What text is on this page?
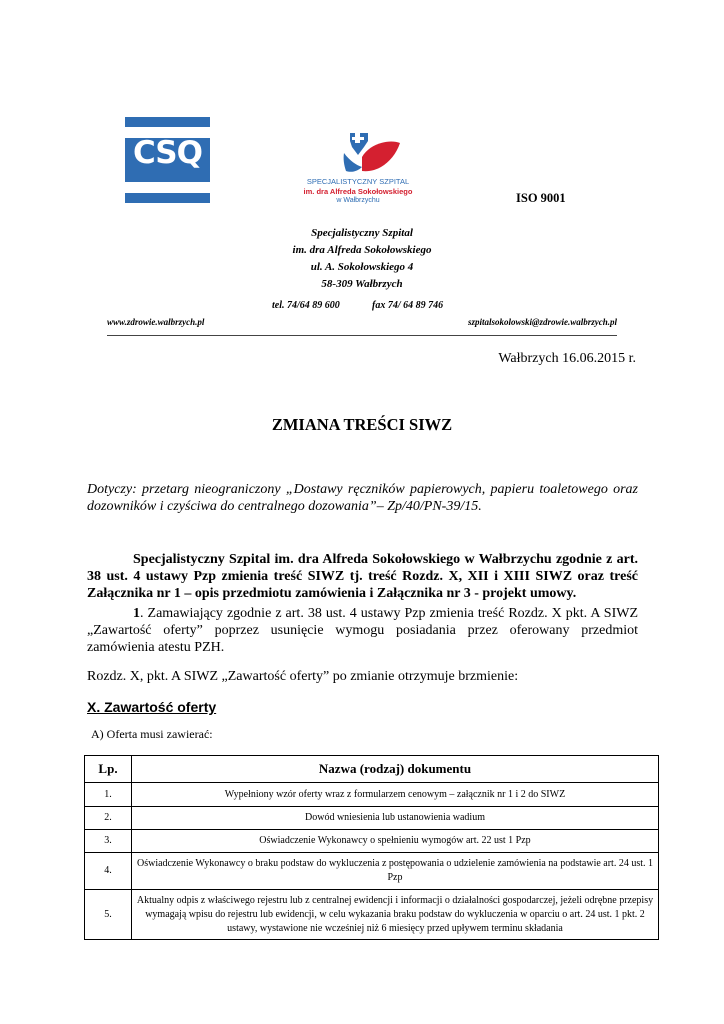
CSQ
SPECJALISTYCZNY SZPITAL
im. dra Alfreda Sokołowskiego
w Wałbrzychu	ISO 9001
Specjalistyczny Szpital
im. dra Alfreda Sokołowskiego
ul. A. Sokołowskiego 4
58-309 Wałbrzych
tel. 74/64 89 600	fax 74/ 64 89 746
www.zdrowie.walbrzych.pl	szpitalsokolowski@zdrowie.walbrzych.pl
Wałbrzych 16.06.2015 r.
ZMIANA TREŚCI SIWZ
Dotyczy: przetarg nieograniczony „Dostawy ręczników papierowych, papieru toaletowego oraz dozowników i czyściwa do centralnego dozowania”– Zp/40/PN-39/15.
Specjalistyczny Szpital im. dra Alfreda Sokołowskiego w Wałbrzychu zgodnie z art. 38 ust. 4 ustawy Pzp zmienia treść SIWZ tj. treść Rozdz. X, XII i XIII SIWZ oraz treść Załącznika nr 1 – opis przedmiotu zamówienia i Załącznika nr 3 - projekt umowy.
1. Zamawiający zgodnie z art. 38 ust. 4 ustawy Pzp zmienia treść Rozdz. X pkt. A SIWZ „Zawartość oferty” poprzez usunięcie wymogu posiadania przez oferowany przedmiot zamówienia atestu PZH.
Rozdz. X, pkt. A SIWZ „Zawartość oferty” po zmianie otrzymuje brzmienie:
X. Zawartość oferty
A) Oferta musi zawierać:
Lp.	Nazwa (rodzaj) dokumentu
1.	Wypełniony wzór oferty wraz z formularzem cenowym – załącznik nr 1 i 2 do SIWZ
2.	Dowód wniesienia lub ustanowienia wadium
3.	Oświadczenie Wykonawcy o spełnieniu wymogów art. 22 ust 1 Pzp
4.	Oświadczenie Wykonawcy o braku podstaw do wykluczenia z postępowania o udzielenie zamówienia na podstawie art. 24 ust. 1 Pzp
5.	Aktualny odpis z właściwego rejestru lub z centralnej ewidencji i informacji o działalności gospodarczej, jeżeli odrębne przepisy wymagają wpisu do rejestru lub ewidencji, w celu wykazania braku podstaw do wykluczenia w oparciu o art. 24 ust. 1 pkt. 2 ustawy, wystawione nie wcześniej niż 6 miesięcy przed upływem terminu składania
